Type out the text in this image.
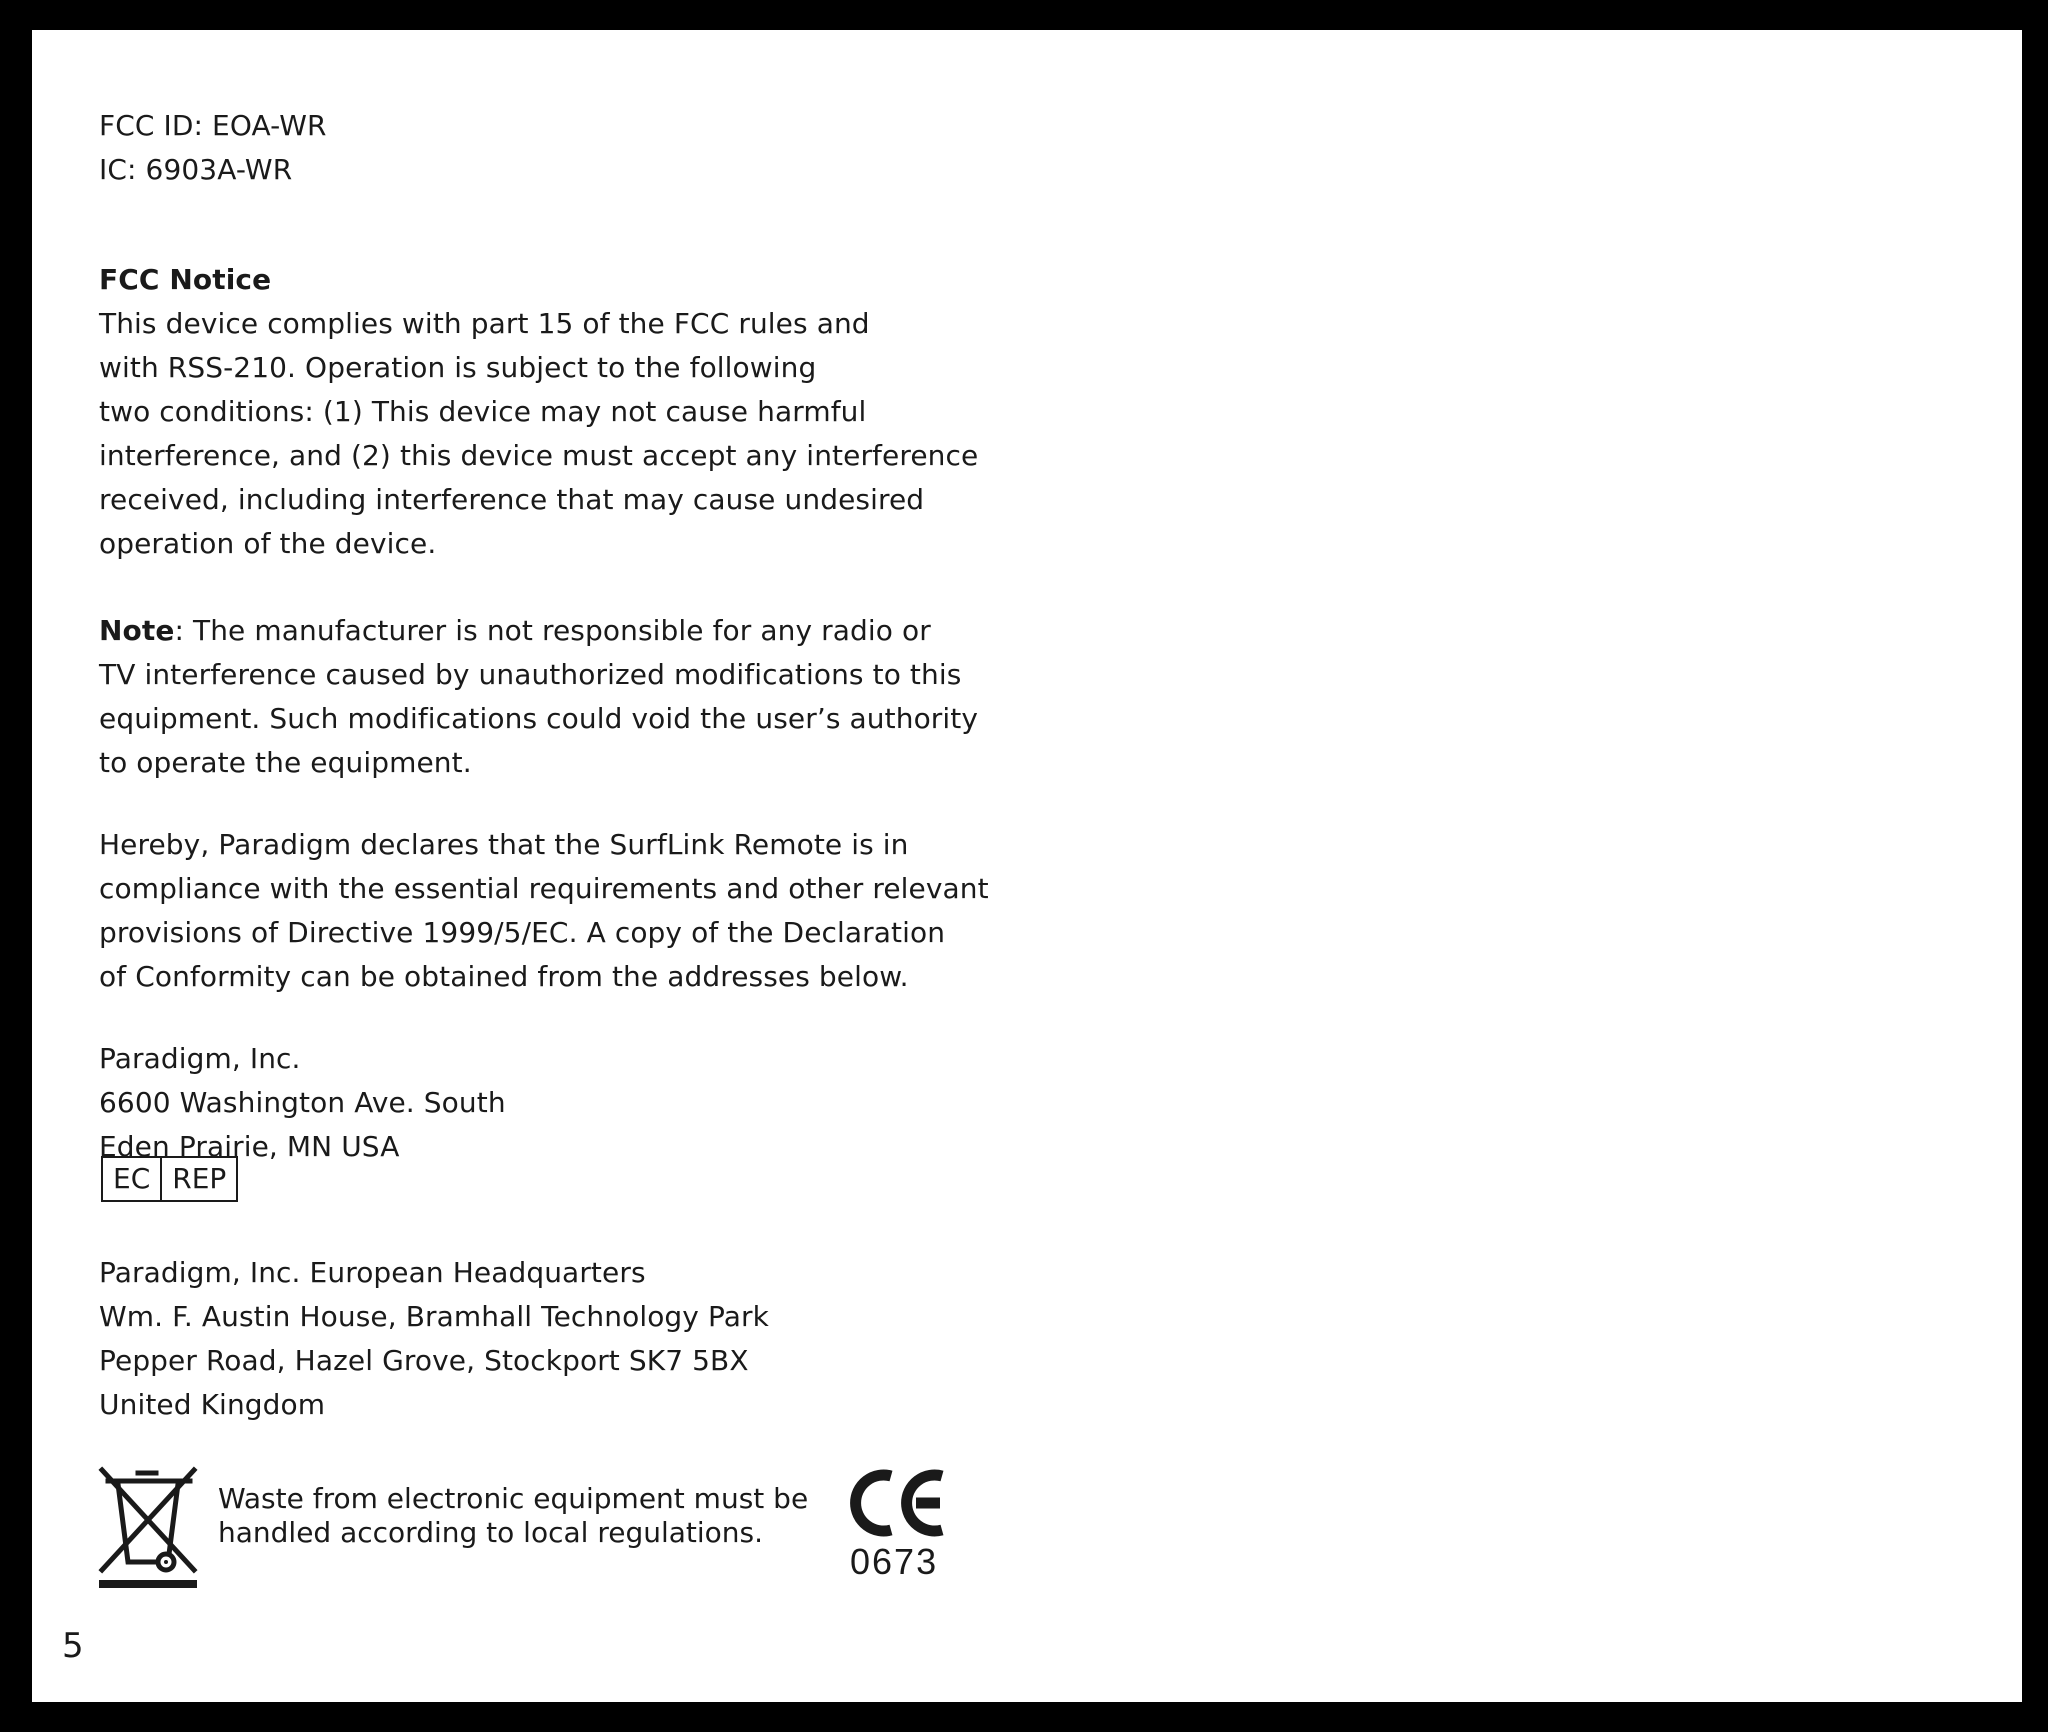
FCC ID: EOA-WR
IC: 6903A-WR
FCC Notice
This device complies with part 15 of the FCC rules and
with RSS-210. Operation is subject to the following
two conditions: (1) This device may not cause harmful
interference, and (2) this device must accept any interference
received, including interference that may cause undesired
operation of the device.
Note: The manufacturer is not responsible for any radio or
TV interference caused by unauthorized modifications to this
equipment. Such modifications could void the user’s authority
to operate the equipment.
Hereby, Paradigm declares that the SurfLink Remote is in
compliance with the essential requirements and other relevant
provisions of Directive 1999/5/EC. A copy of the Declaration
of Conformity can be obtained from the addresses below.
Paradigm, Inc.
6600 Washington Ave. South
Eden Prairie, MN USA
EC REP
Paradigm, Inc. European Headquarters
Wm. F. Austin House, Bramhall Technology Park
Pepper Road, Hazel Grove, Stockport SK7 5BX
United Kingdom
Waste from electronic equipment must be
handled according to local regulations.
0673
5
